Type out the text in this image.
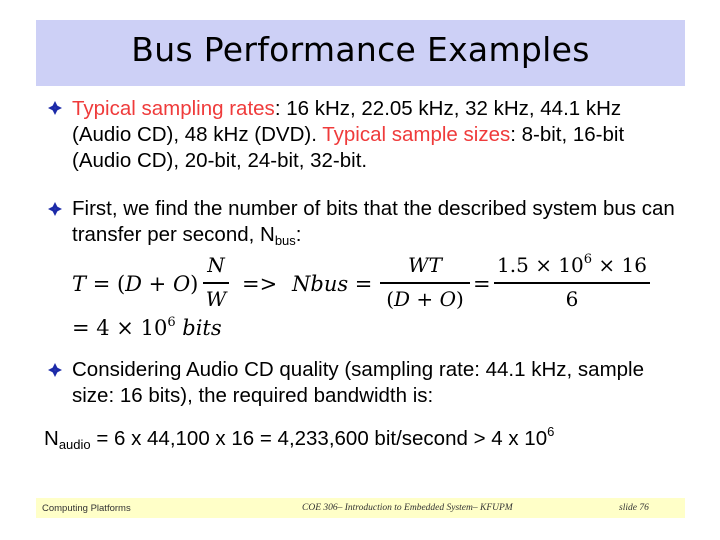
Bus Performance Examples
Typical sampling rates: 16 kHz, 22.05 kHz, 32 kHz, 44.1 kHz (Audio CD), 48 kHz (DVD). Typical sample sizes: 8-bit, 16-bit (Audio CD), 20-bit, 24-bit, 32-bit.
First, we find the number of bits that the described system bus can transfer per second, $N_{bus}$:
T = (D + O)
N
W
=> Nbus =
WT
(D + O)
=
$1.5 \times 10^6 \times 16$
6
= $4 \times 10^6$ bits
Considering Audio CD quality (sampling rate: 44.1 kHz, sample size: 16 bits), the required bandwidth is:
$N_{audio} = 6$ x 44,100 x 16 = 4,233,600 bit/second > 4 x $10^6$
Computing Platforms	COE 306– Introduction to Embedded System– KFUPM	slide 76
